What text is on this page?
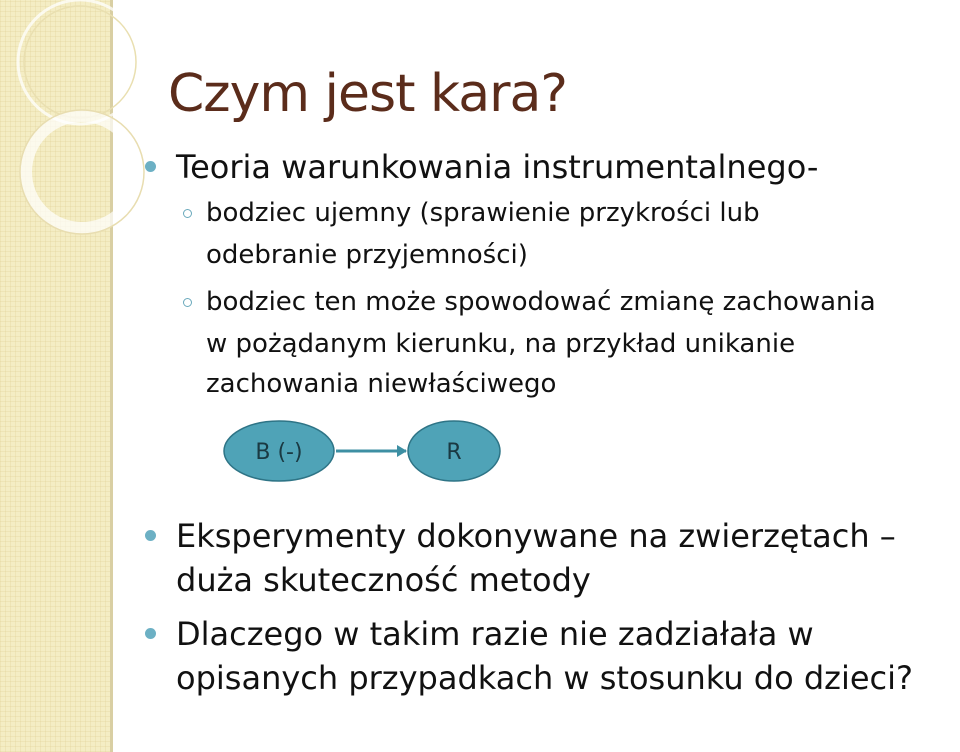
Czym jest kara?
Teoria warunkowania instrumentalnego-
bodziec ujemny (sprawienie przykrości lub
odebranie przyjemności)
bodziec ten może spowodować zmianę zachowania
w pożądanym kierunku, na przykład unikanie
zachowania niewłaściwego
B (-)	R
Eksperymenty dokonywane na zwierzętach –
duża skuteczność metody
Dlaczego w takim razie nie zadziałała w
opisanych przypadkach w stosunku do dzieci?
